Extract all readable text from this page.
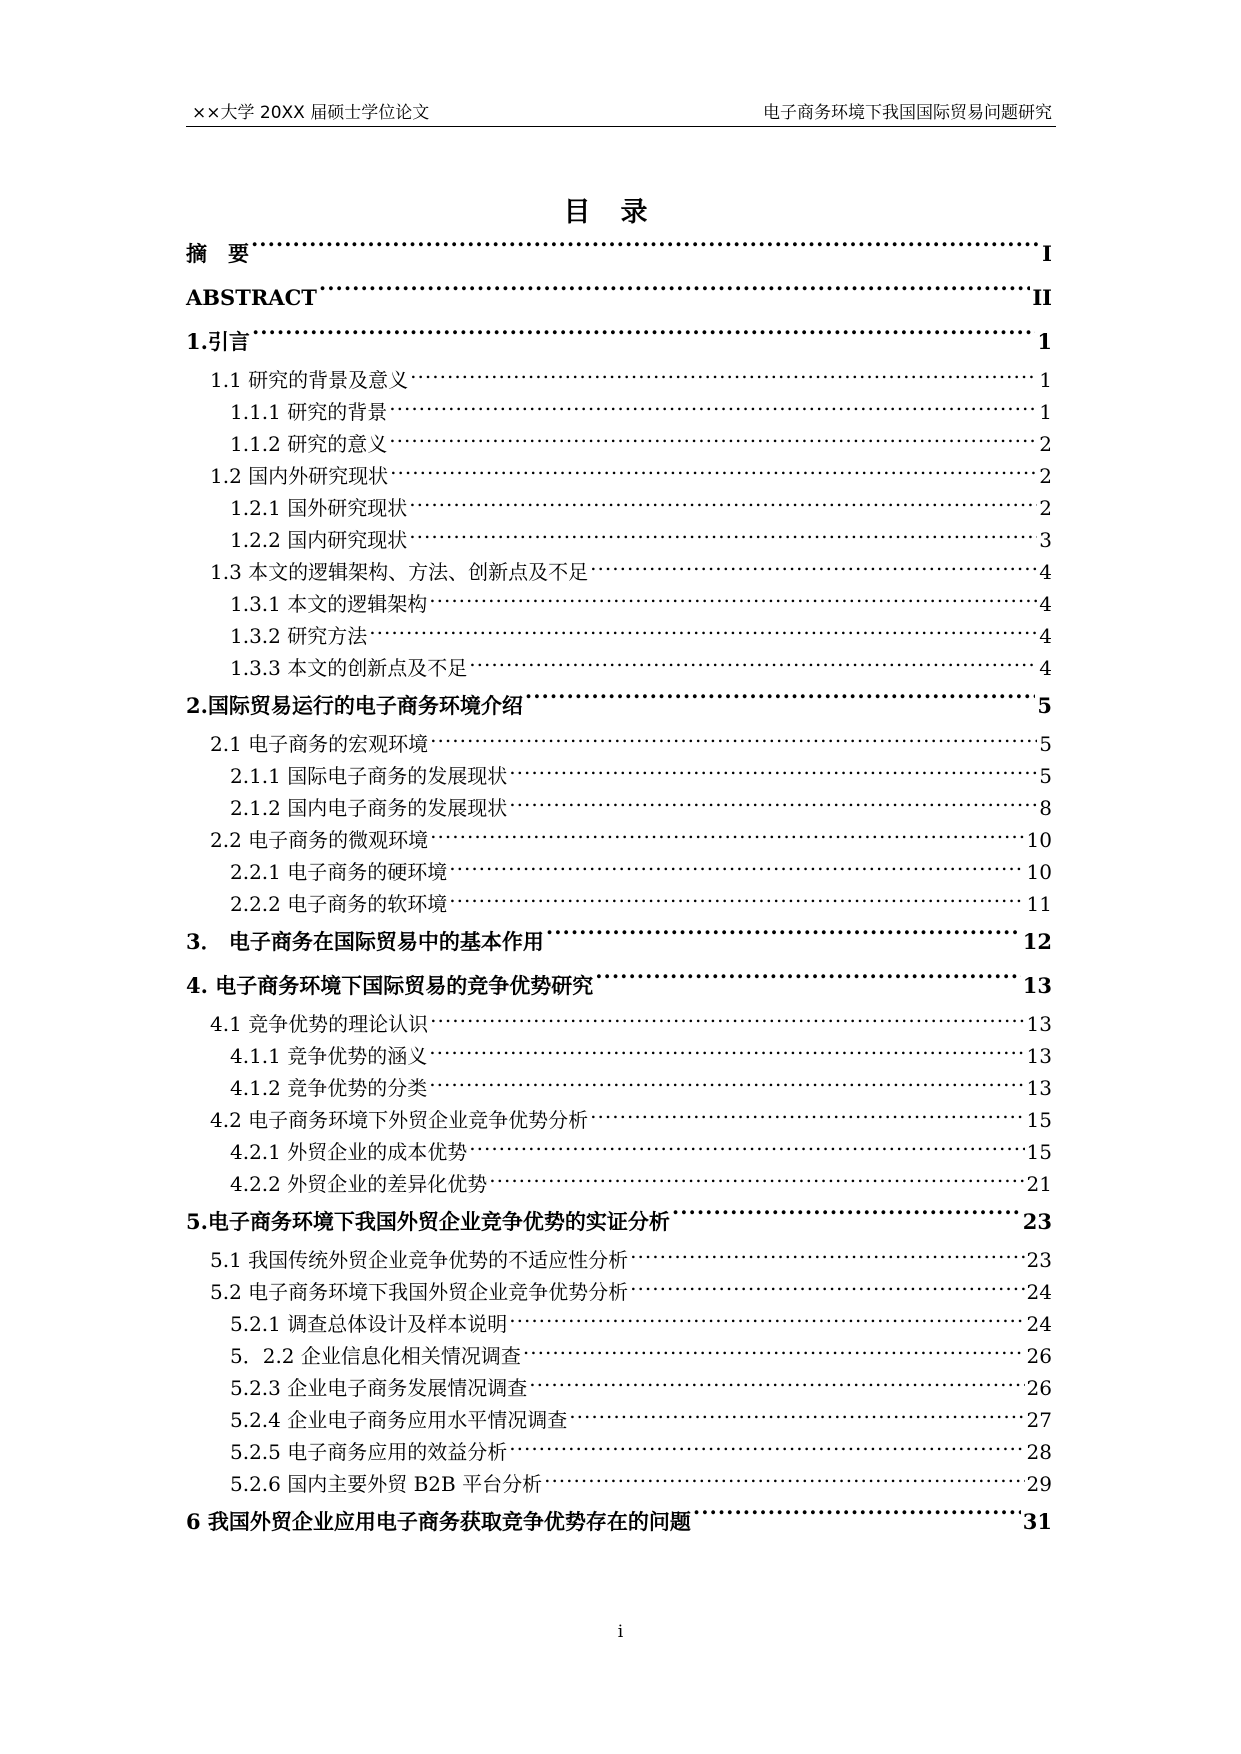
××大学 20XX 届硕士学位论文	电子商务环境下我国国际贸易问题研究
目录
摘　要 .....	I
ABSTRACT .....	II
1.引言 .....	1
1.1 研究的背景及意义 .....	1
1.1.1 研究的背景 .....	1
1.1.2 研究的意义 .....	2
1.2 国内外研究现状 .....	2
1.2.1 国外研究现状 .....	2
1.2.2 国内研究现状 .....	3
1.3 本文的逻辑架构、方法、创新点及不足 .....	4
1.3.1 本文的逻辑架构 .....	4
1.3.2 研究方法 .....	4
1.3.3 本文的创新点及不足 .....	4
2.国际贸易运行的电子商务环境介绍 .....	5
2.1 电子商务的宏观环境 .....	5
2.1.1 国际电子商务的发展现状 .....	5
2.1.2 国内电子商务的发展现状 .....	8
2.2 电子商务的微观环境 .....	10
2.2.1 电子商务的硬环境 .....	10
2.2.2 电子商务的软环境 .....	11
3． 电子商务在国际贸易中的基本作用 .....	12
4. 电子商务环境下国际贸易的竞争优势研究 .....	13
4.1 竞争优势的理论认识 .....	13
4.1.1 竞争优势的涵义 .....	13
4.1.2 竞争优势的分类 .....	13
4.2 电子商务环境下外贸企业竞争优势分析 .....	15
4.2.1 外贸企业的成本优势 .....	15
4.2.2 外贸企业的差异化优势 .....	21
5.电子商务环境下我国外贸企业竞争优势的实证分析 .....	23
5.1 我国传统外贸企业竞争优势的不适应性分析 .....	23
5.2 电子商务环境下我国外贸企业竞争优势分析 .....	24
5.2.1 调查总体设计及样本说明 .....	24
5．2.2 企业信息化相关情况调查 .....	26
5.2.3 企业电子商务发展情况调查 .....	26
5.2.4 企业电子商务应用水平情况调查 .....	27
5.2.5 电子商务应用的效益分析 .....	28
5.2.6 国内主要外贸 B2B 平台分析 .....	29
6 我国外贸企业应用电子商务获取竞争优势存在的问题 .....	31
i
